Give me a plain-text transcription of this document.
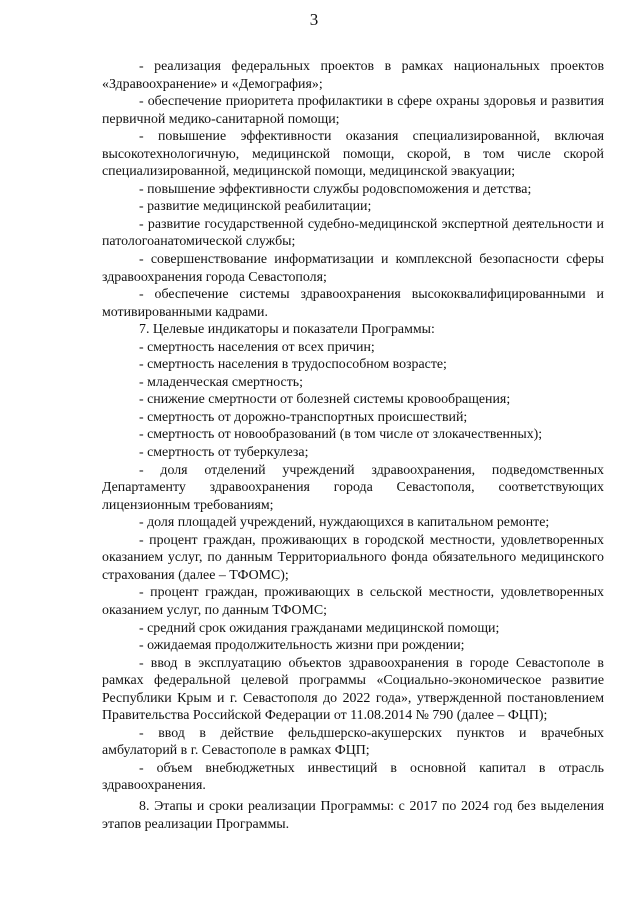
3

- реализация федеральных проектов в рамках национальных проектов «Здравоохранение» и «Демография»;

- обеспечение приоритета профилактики в сфере охраны здоровья и развития первичной медико-санитарной помощи;

- повышение эффективности оказания специализированной, включая высокотехнологичную, медицинской помощи, скорой, в том числе скорой специализированной, медицинской помощи, медицинской эвакуации;

- повышение эффективности службы родовспоможения и детства;

- развитие медицинской реабилитации;

- развитие государственной судебно-медицинской экспертной деятельности и патологоанатомической службы;

- совершенствование информатизации и комплексной безопасности сферы здравоохранения города Севастополя;

- обеспечение системы здравоохранения высококвалифицированными и мотивированными кадрами.

7. Целевые индикаторы и показатели Программы:

- смертность населения от всех причин;

- смертность населения в трудоспособном возрасте;

- младенческая смертность;

- снижение смертности от болезней системы кровообращения;

- смертность от дорожно-транспортных происшествий;

- смертность от новообразований (в том числе от злокачественных);

- смертность от туберкулеза;

- доля отделений учреждений здравоохранения, подведомственных Департаменту здравоохранения города Севастополя, соответствующих лицензионным требованиям;

- доля площадей учреждений, нуждающихся в капитальном ремонте;

- процент граждан, проживающих в городской местности, удовлетворенных оказанием услуг, по данным Территориального фонда обязательного медицинского страхования (далее – ТФОМС);

- процент граждан, проживающих в сельской местности, удовлетворенных оказанием услуг, по данным ТФОМС;

- средний срок ожидания гражданами медицинской помощи;

- ожидаемая продолжительность жизни при рождении;

- ввод в эксплуатацию объектов здравоохранения в городе Севастополе в рамках федеральной целевой программы «Социально-экономическое развитие Республики Крым и г. Севастополя до 2022 года», утвержденной постановлением Правительства Российской Федерации от 11.08.2014 № 790 (далее – ФЦП);

- ввод в действие фельдшерско-акушерских пунктов и врачебных амбулаторий в г. Севастополе в рамках ФЦП;

- объем внебюджетных инвестиций в основной капитал в отрасль здравоохранения.

8. Этапы и сроки реализации Программы: с 2017 по 2024 год без выделения этапов реализации Программы.
